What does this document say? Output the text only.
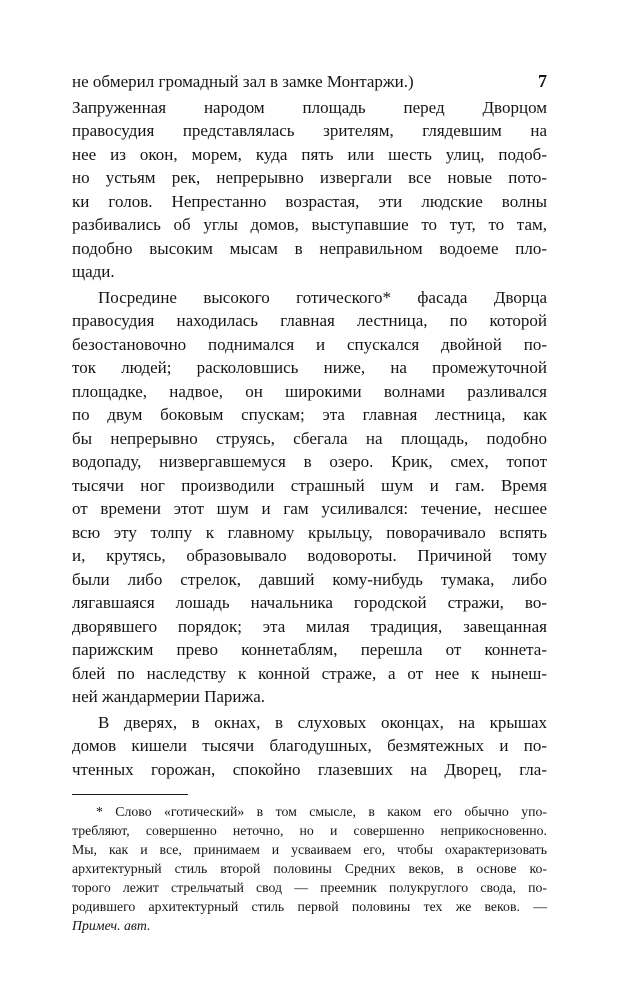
7
не обмерил громадный зал в замке Монтаржи.)
Запруженная народом площадь перед Дворцом
правосудия представлялась зрителям, глядевшим на
нее из окон, морем, куда пять или шесть улиц, подоб-
но устьям рек, непрерывно извергали все новые пото-
ки голов. Непрестанно возрастая, эти людские волны
разбивались об углы домов, выступавшие то тут, то там,
подобно высоким мысам в неправильном водоеме пло-
щади.
Посредине высокого готического* фасада Дворца
правосудия находилась главная лестница, по которой
безостановочно поднимался и спускался двойной по-
ток людей; расколовшись ниже, на промежуточной
площадке, надвое, он широкими волнами разливался
по двум боковым спускам; эта главная лестница, как
бы непрерывно струясь, сбегала на площадь, подобно
водопаду, низвергавшемуся в озеро. Крик, смех, топот
тысячи ног производили страшный шум и гам. Время
от времени этот шум и гам усиливался: течение, несшее
всю эту толпу к главному крыльцу, поворачивало вспять
и, крутясь, образовывало водовороты. Причиной тому
были либо стрелок, давший кому-нибудь тумака, либо
лягавшаяся лошадь начальника городской стражи, во-
дворявшего порядок; эта милая традиция, завещанная
парижским прево коннетаблям, перешла от коннета-
блей по наследству к конной страже, а от нее к нынеш-
ней жандармерии Парижа.
В дверях, в окнах, в слуховых оконцах, на крышах
домов кишели тысячи благодушных, безмятежных и по-
чтенных горожан, спокойно глазевших на Дворец, гла-
* Слово «готический» в том смысле, в каком его обычно упо-
требляют, совершенно неточно, но и совершенно неприкосновенно.
Мы, как и все, принимаем и усваиваем его, чтобы охарактеризовать
архитектурный стиль второй половины Средних веков, в основе ко-
торого лежит стрельчатый свод — преемник полукруглого свода, по-
родившего архитектурный стиль первой половины тех же веков. —
Примеч. авт.
